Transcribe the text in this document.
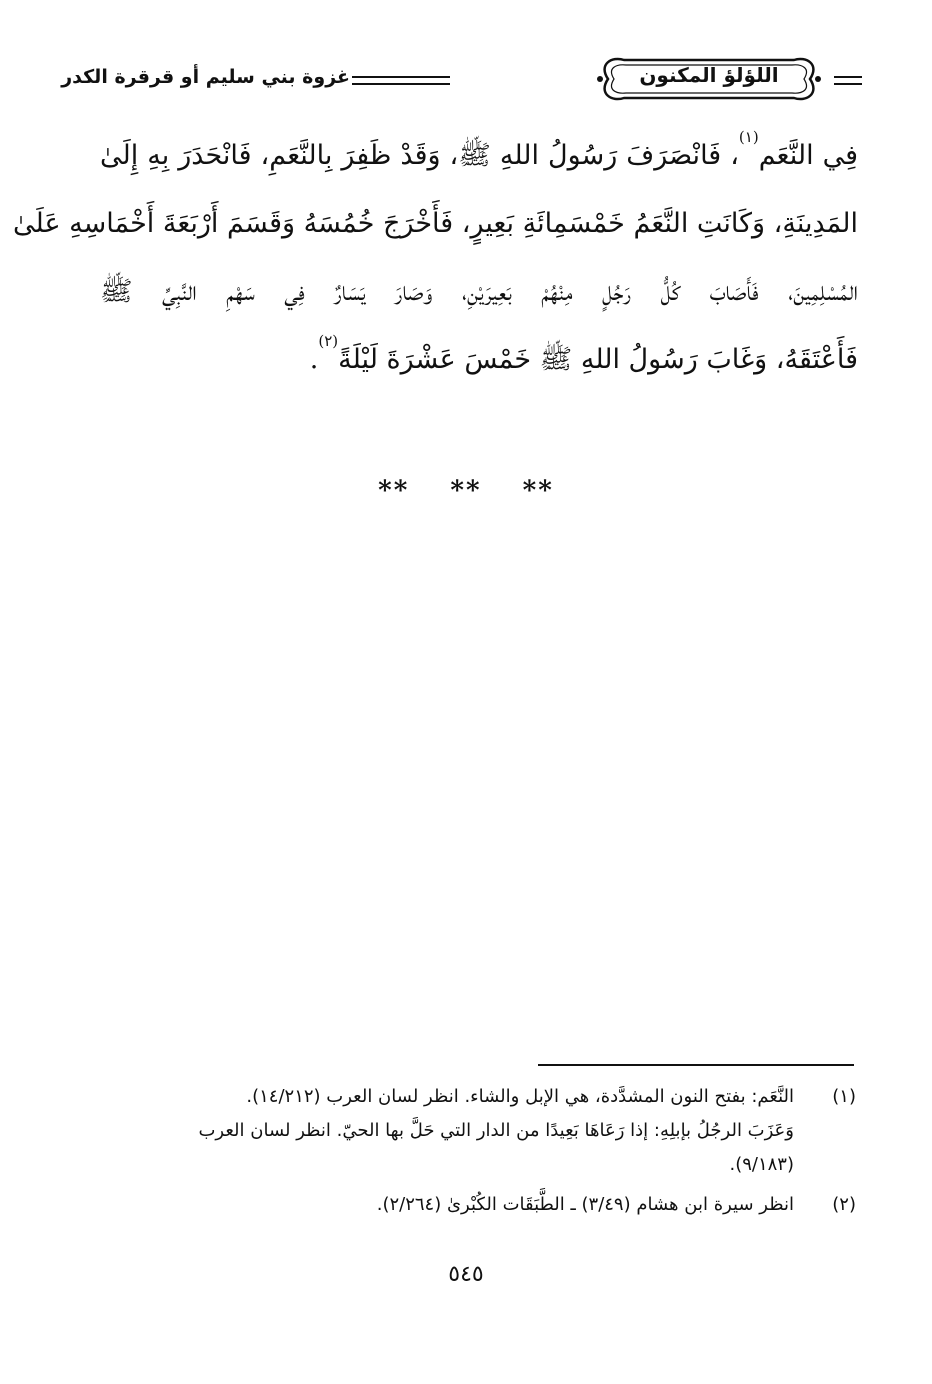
اللؤلؤ المكنون
غزوة بني سليم أو قرقرة الكدر
فِي النَّعَم$^{(١)}$، فَانْصَرَفَ رَسُولُ اللهِ ﷺ، وَقَدْ ظَفِرَ بِالنَّعَمِ، فَانْحَدَرَ بِهِ إِلَىٰ
المَدِينَةِ، وَكَانَتِ النَّعَمُ خَمْسَمِائَةِ بَعِيرٍ، فَأَخْرَجَ خُمُسَهُ وَقَسَمَ أَرْبَعَةَ أَخْمَاسِهِ عَلَىٰ
المُسْلِمِينَ، فَأَصَابَ كُلُّ رَجُلٍ مِنْهُمْ بَعِيرَيْنِ، وَصَارَ يَسَارٌ فِي سَهْمِ النَّبِيِّ ﷺ
فَأَعْتَقَهُ، وَغَابَ رَسُولُ اللهِ ﷺ خَمْسَ عَشْرَةَ لَيْلَةً$^{(٢)}$.
** ** **
(١)
النَّعَم: بفتح النون المشدَّدة، هي الإبل والشاء. انظر لسان العرب (١٤/٢١٢).
وَعَزَبَ الرجُلُ بإبلِهِ: إذا رَعَاهَا بَعِيدًا من الدار التي حَلَّ بها الحيّ. انظر لسان العرب
(٩/١٨٣).
(٢)
انظر سيرة ابن هشام (٣/٤٩) ـ الطَّبَقَات الكُبْرىٰ (٢/٢٦٤).
٥٤٥
